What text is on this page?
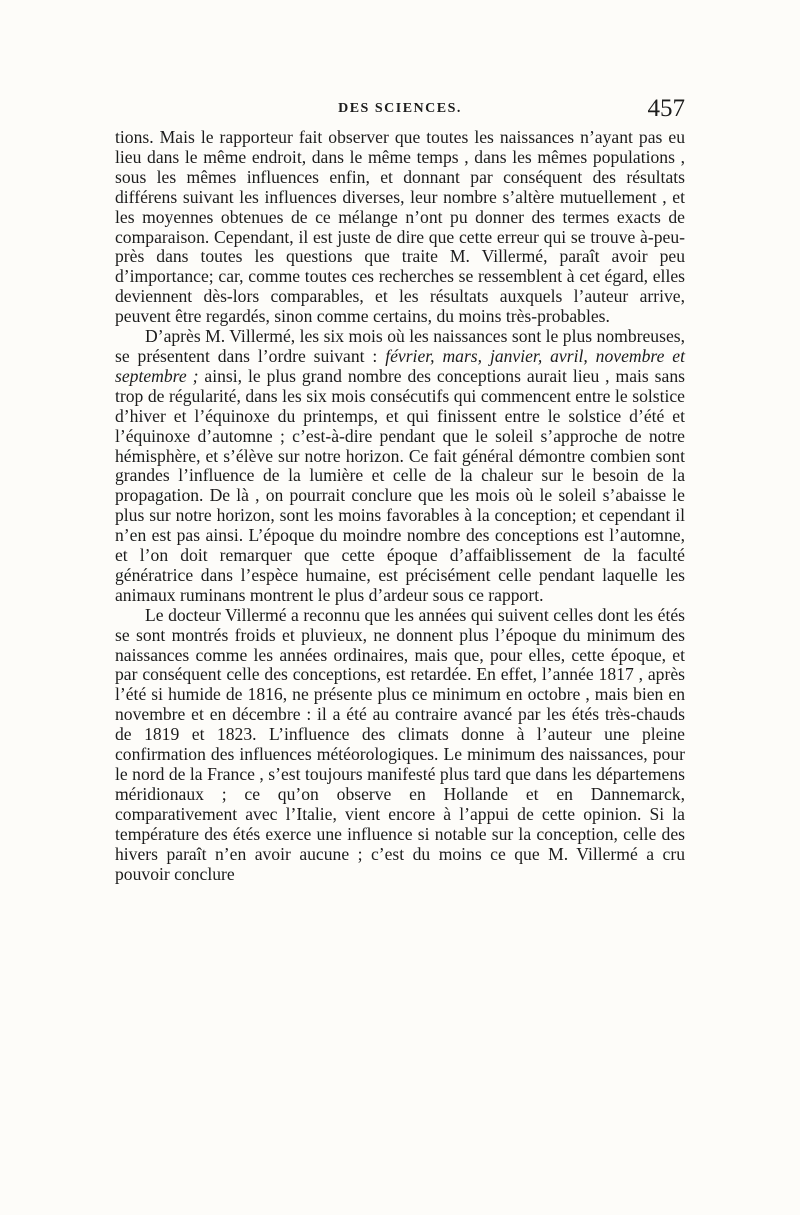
DES SCIENCES.	457

tions. Mais le rapporteur fait observer que toutes les naissances n’ayant pas eu lieu dans le même endroit, dans le même temps , dans les mêmes populations , sous les mêmes influences enfin, et donnant par conséquent des résultats différens suivant les influences diverses, leur nombre s’altère mutuellement , et les moyennes obtenues de ce mélange n’ont pu donner des termes exacts de comparaison. Cependant, il est juste de dire que cette erreur qui se trouve à-peu-près dans toutes les questions que traite M. Villermé, paraît avoir peu d’importance; car, comme toutes ces recherches se ressemblent à cet égard, elles deviennent dès-lors comparables, et les résultats auxquels l’auteur arrive, peuvent être regardés, sinon comme certains, du moins très-probables.

D’après M. Villermé, les six mois où les naissances sont le plus nombreuses, se présentent dans l’ordre suivant : février, mars, janvier, avril, novembre et septembre ; ainsi, le plus grand nombre des conceptions aurait lieu , mais sans trop de régularité, dans les six mois consécutifs qui commencent entre le solstice d’hiver et l’équinoxe du printemps, et qui finissent entre le solstice d’été et l’équinoxe d’automne ; c’est-à-dire pendant que le soleil s’approche de notre hémisphère, et s’élève sur notre horizon. Ce fait général démontre combien sont grandes l’influence de la lumière et celle de la chaleur sur le besoin de la propagation. De là , on pourrait conclure que les mois où le soleil s’abaisse le plus sur notre horizon, sont les moins favorables à la conception; et cependant il n’en est pas ainsi. L’époque du moindre nombre des conceptions est l’automne, et l’on doit remarquer que cette époque d’affaiblissement de la faculté génératrice dans l’espèce humaine, est précisément celle pendant laquelle les animaux ruminans montrent le plus d’ardeur sous ce rapport.

Le docteur Villermé a reconnu que les années qui suivent celles dont les étés se sont montrés froids et pluvieux, ne donnent plus l’époque du minimum des naissances comme les années ordinaires, mais que, pour elles, cette époque, et par conséquent celle des conceptions, est retardée. En effet, l’année 1817 , après l’été si humide de 1816, ne présente plus ce minimum en octobre , mais bien en novembre et en décembre : il a été au contraire avancé par les étés très-chauds de 1819 et 1823. L’influence des climats donne à l’auteur une pleine confirmation des influences météorologiques. Le minimum des naissances, pour le nord de la France , s’est toujours manifesté plus tard que dans les départemens méridionaux ; ce qu’on observe en Hollande et en Dannemarck, comparativement avec l’Italie, vient encore à l’appui de cette opinion. Si la température des étés exerce une influence si notable sur la conception, celle des hivers paraît n’en avoir aucune ; c’est du moins ce que M. Villermé a cru pouvoir conclure
